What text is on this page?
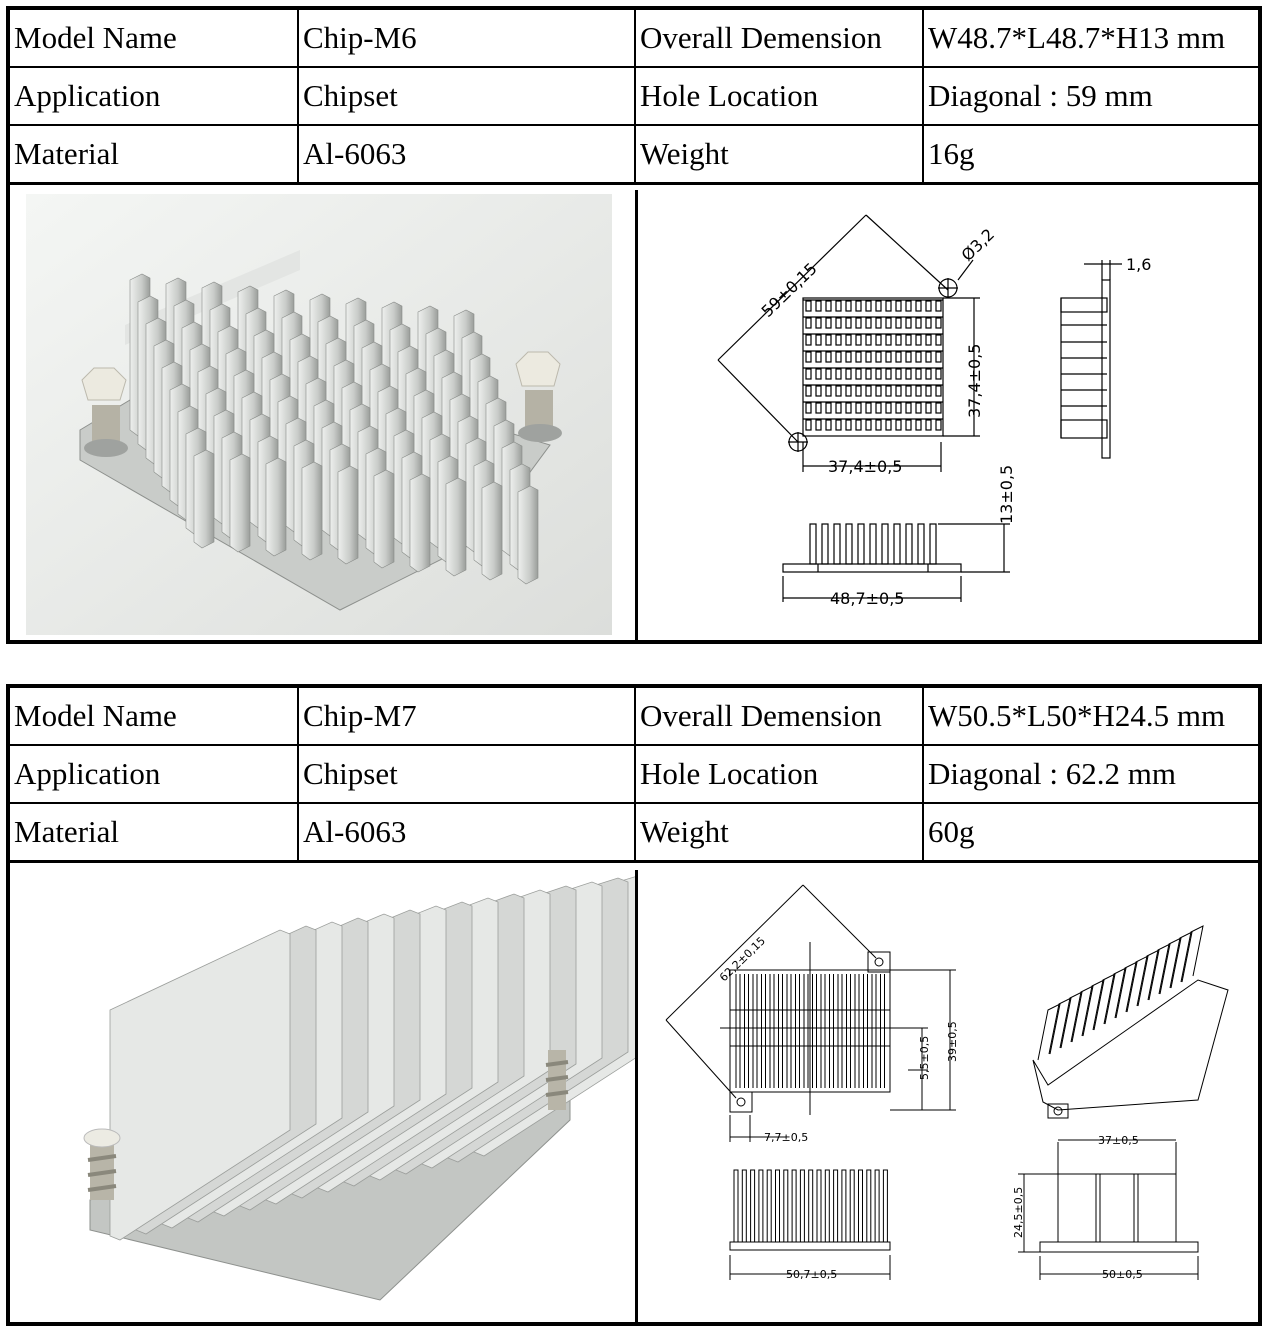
Model Name	Chip-M6	Overall Demension	W48.7*L48.7*H13 mm
Application	Chipset	Hole Location	Diagonal : 59 mm
Material	Al-6063	Weight	16g
59±0,15
Ø3,2	1,6
37,4±0,5
37,4±0,5	13±0,5
48,7±0,5
Model Name	Chip-M7	Overall Demension	W50.5*L50*H24.5 mm
Application	Chipset	Hole Location	Diagonal : 62.2 mm
Material	Al-6063	Weight	60g
62,2±0,15
39±0,5
5,5±0,5
7,7±0,5
50,7±0,5
37±0,5
24,5±0,5
50±0,5
